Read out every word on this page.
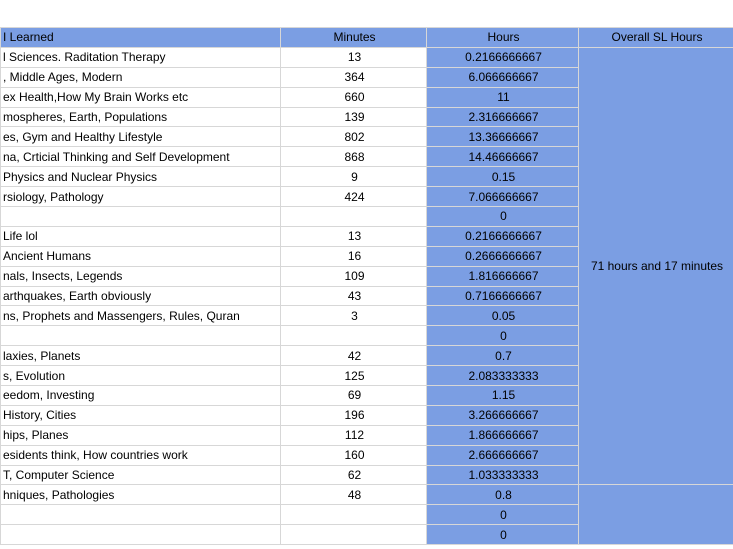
I Learned	Minutes	Hours	Overall SL Hours
l Sciences. Raditation Therapy	13	0.2166666667	71 hours and 17 minutes
, Middle Ages, Modern	364	6.066666667	
ex Health,How My Brain Works etc	660	11	
mospheres, Earth, Populations	139	2.316666667	
es, Gym and Healthy Lifestyle	802	13.36666667	
na, Crticial Thinking and Self Development	868	14.46666667	
Physics and Nuclear Physics	9	0.15	
rsiology, Pathology	424	7.066666667	
		0	
Life lol	13	0.2166666667	
Ancient Humans	16	0.2666666667	
nals, Insects, Legends	109	1.816666667	
arthquakes, Earth obviously	43	0.7166666667	
ns, Prophets and Massengers, Rules, Quran	3	0.05	
		0	
laxies, Planets	42	0.7	
s, Evolution	125	2.083333333	
eedom, Investing	69	1.15	
History, Cities	196	3.266666667	
hips, Planes	112	1.866666667	
esidents think, How countries work	160	2.666666667	
T, Computer Science	62	1.033333333	
hniques, Pathologies	48	0.8	
		0	
		0	
